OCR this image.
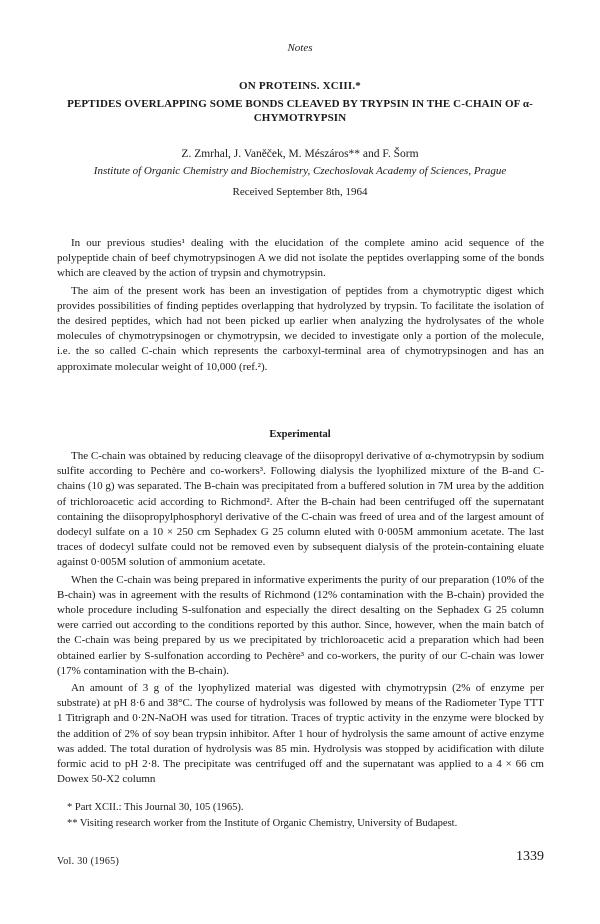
Notes
ON PROTEINS. XCIII.*
PEPTIDES OVERLAPPING SOME BONDS CLEAVED BY TRYPSIN IN THE C-CHAIN OF α-CHYMOTRYPSIN
Z. Zmrhal, J. Vaněček, M. Mészáros** and F. Šorm
Institute of Organic Chemistry and Biochemistry, Czechoslovak Academy of Sciences, Prague
Received September 8th, 1964

In our previous studies¹ dealing with the elucidation of the complete amino acid sequence of the polypeptide chain of beef chymotrypsinogen A we did not isolate the peptides overlapping some of the bonds which are cleaved by the action of trypsin and chymotrypsin.

The aim of the present work has been an investigation of peptides from a chymotryptic digest which provides possibilities of finding peptides overlapping that hydrolyzed by trypsin. To facilitate the isolation of the desired peptides, which had not been picked up earlier when analyzing the hydrolysates of the whole molecules of chymotrypsinogen or chymotrypsin, we decided to investigate only a portion of the molecule, i.e. the so called C-chain which represents the carboxyl-terminal area of chymotrypsinogen and has an approximate molecular weight of 10,000 (ref.²).

Experimental

The C-chain was obtained by reducing cleavage of the diisopropyl derivative of α-chymotrypsin by sodium sulfite according to Pechère and co-workers³. Following dialysis the lyophilized mixture of the B-and C-chains (10 g) was separated. The B-chain was precipitated from a buffered solution in 7M urea by the addition of trichloroacetic acid according to Richmond². After the B-chain had been centrifuged off the supernatant containing the diisopropylphosphoryl derivative of the C-chain was freed of urea and of the largest amount of dodecyl sulfate on a 10 × 250 cm Sephadex G 25 column eluted with 0·005M ammonium acetate. The last traces of dodecyl sulfate could not be removed even by subsequent dialysis of the protein-containing eluate against 0·005M solution of ammonium acetate.

When the C-chain was being prepared in informative experiments the purity of our preparation (10% of the B-chain) was in agreement with the results of Richmond (12% contamination with the B-chain) provided the whole procedure including S-sulfonation and especially the direct desalting on the Sephadex G 25 column were carried out according to the conditions reported by this author. Since, however, when the main batch of the C-chain was being prepared by us we precipitated by trichloroacetic acid a preparation which had been obtained earlier by S-sulfonation according to Pechère³ and co-workers, the purity of our C-chain was lower (17% contamination with the B-chain).

An amount of 3 g of the lyophylized material was digested with chymotrypsin (2% of enzyme per substrate) at pH 8·6 and 38°C. The course of hydrolysis was followed by means of the Radiometer Type TTT 1 Titrigraph and 0·2N-NaOH was used for titration. Traces of tryptic activity in the enzyme were blocked by the addition of 2% of soy bean trypsin inhibitor. After 1 hour of hydrolysis the same amount of active enzyme was added. The total duration of hydrolysis was 85 min. Hydrolysis was stopped by acidification with dilute formic acid to pH 2·8. The precipitate was centrifuged off and the supernatant was applied to a 4 × 66 cm Dowex 50-X2 column

* Part XCII.: This Journal 30, 105 (1965).
** Visiting research worker from the Institute of Organic Chemistry, University of Budapest.
Vol. 30 (1965)	1339
